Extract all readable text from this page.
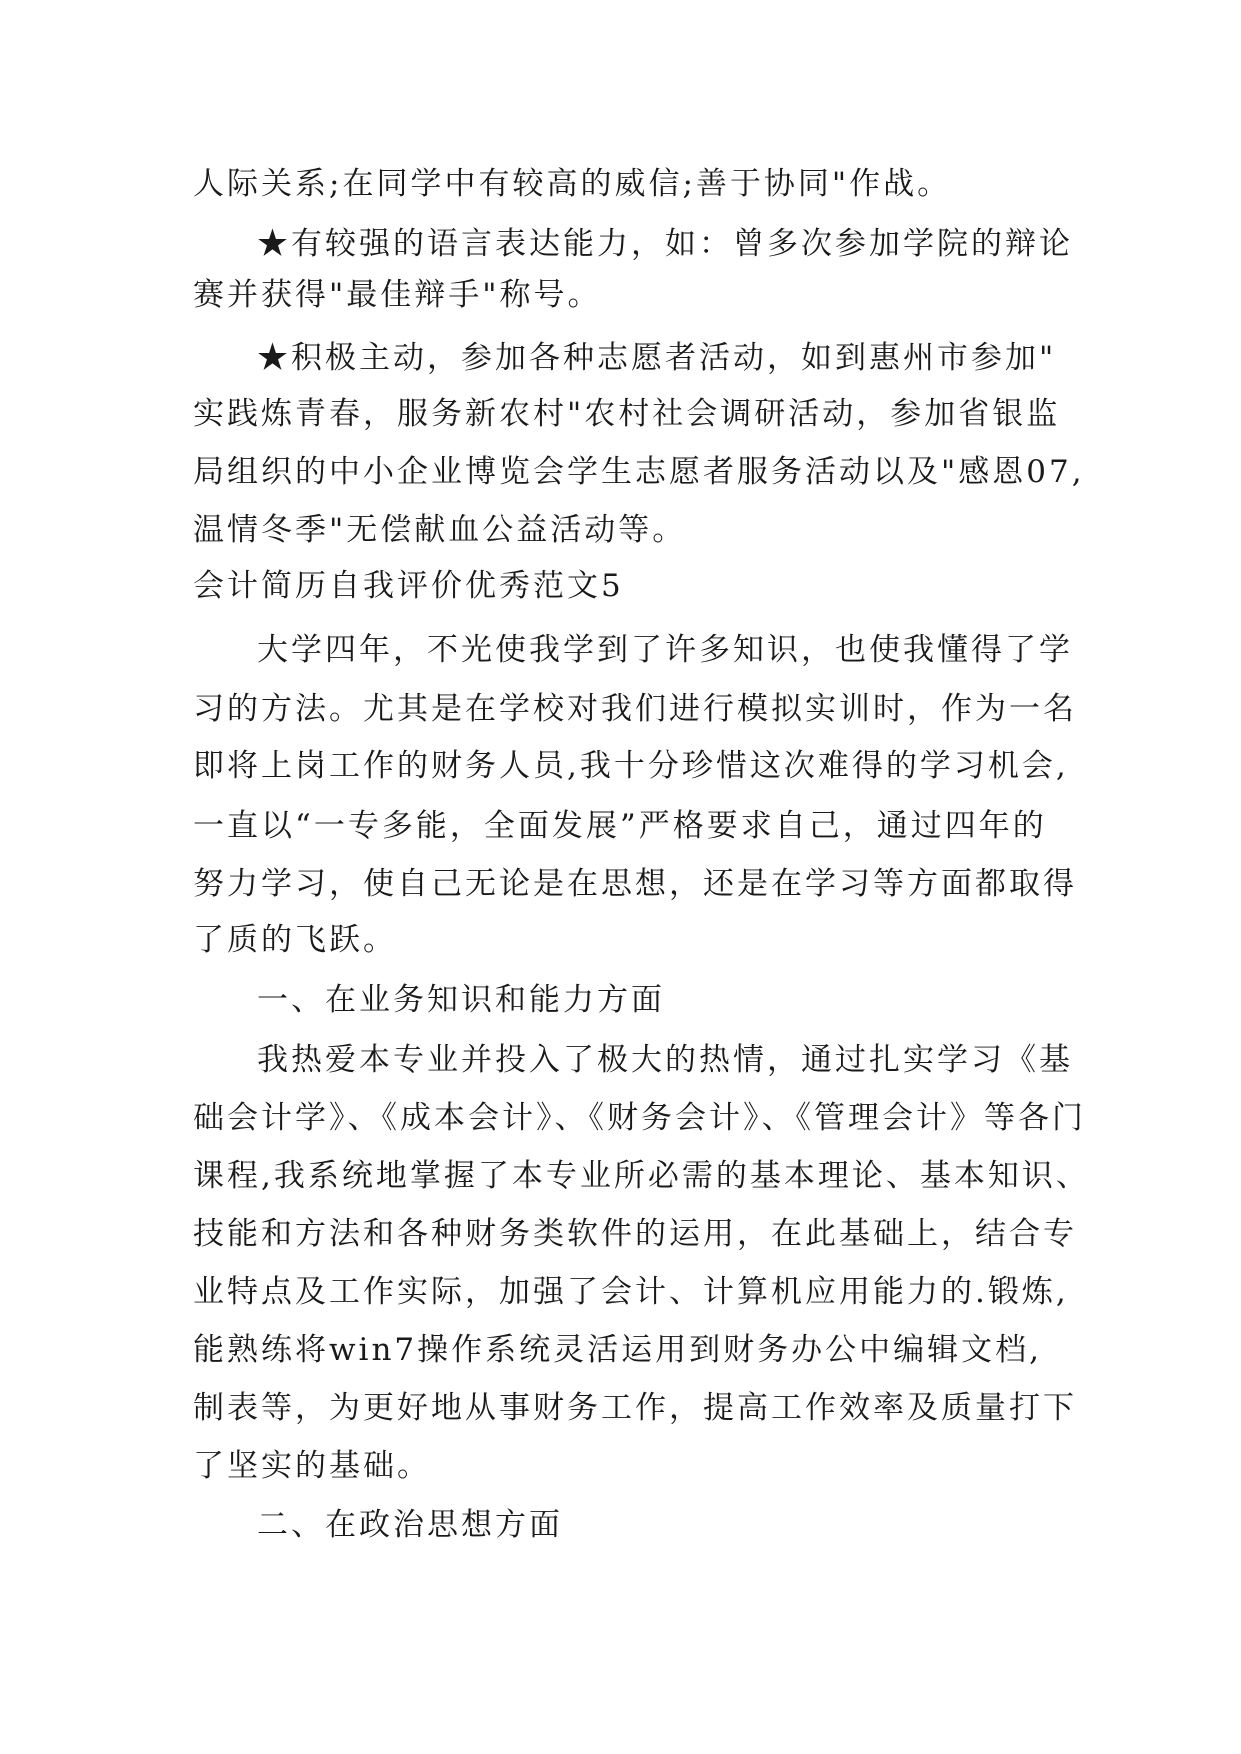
人际关系;在同学中有较高的威信;善于协同"作战。
★有较强的语言表达能力，如：曾多次参加学院的辩论
赛并获得"最佳辩手"称号。
★积极主动，参加各种志愿者活动，如到惠州市参加"
实践炼青春，服务新农村"农村社会调研活动，参加省银监
局组织的中小企业博览会学生志愿者服务活动以及"感恩07,
温情冬季"无偿献血公益活动等。
会计简历自我评价优秀范文5
大学四年，不光使我学到了许多知识，也使我懂得了学
习的方法。尤其是在学校对我们进行模拟实训时，作为一名
即将上岗工作的财务人员,我十分珍惜这次难得的学习机会,
一直以“一专多能，全面发展”严格要求自己，通过四年的
努力学习，使自己无论是在思想，还是在学习等方面都取得
了质的飞跃。
一、在业务知识和能力方面
我热爱本专业并投入了极大的热情，通过扎实学习《基
础会计学》、《成本会计》、《财务会计》、《管理会计》等各门
课程,我系统地掌握了本专业所必需的基本理论、基本知识、
技能和方法和各种财务类软件的运用，在此基础上，结合专
业特点及工作实际，加强了会计、计算机应用能力的.锻炼,
能熟练将win7操作系统灵活运用到财务办公中编辑文档,
制表等，为更好地从事财务工作，提高工作效率及质量打下
了坚实的基础。
二、在政治思想方面
